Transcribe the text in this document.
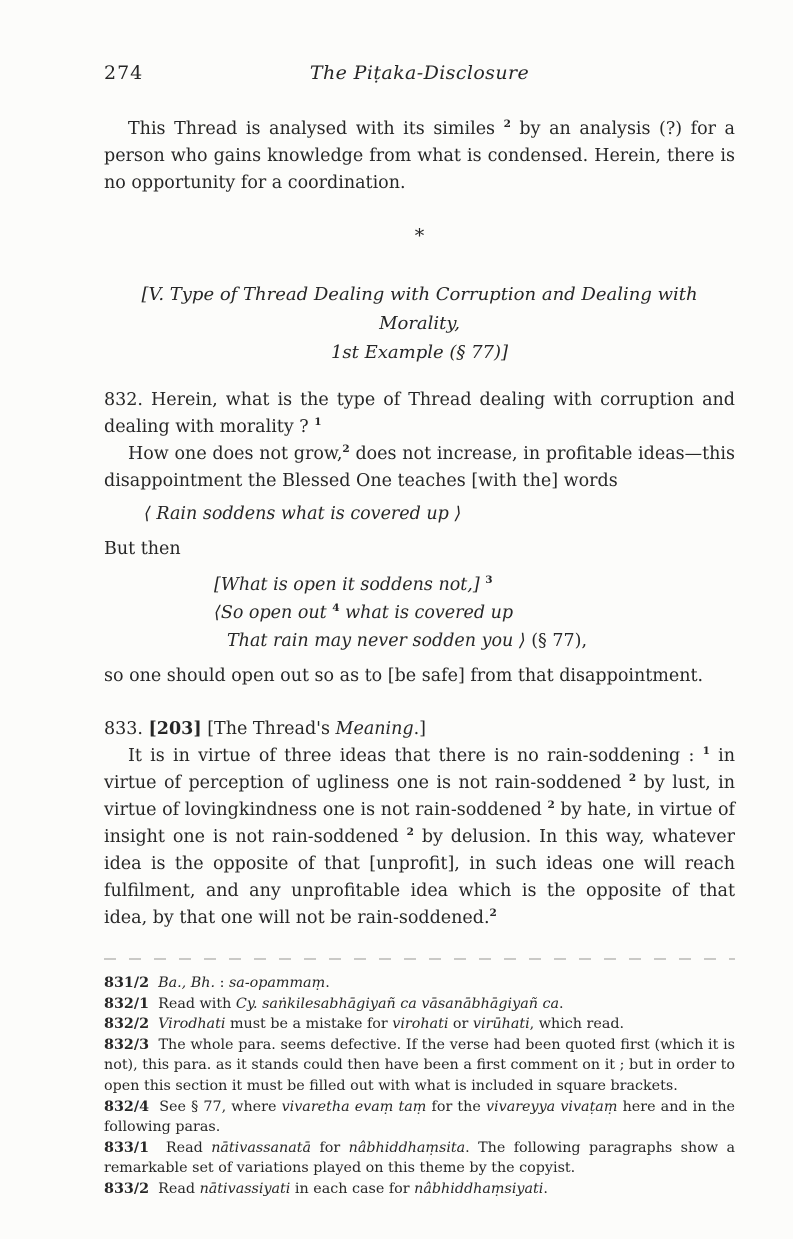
274	The Piṭaka-Disclosure

This Thread is analysed with its similes $^2$ by an analysis (?) for a person who gains knowledge from what is condensed. Herein, there is no opportunity for a coordination.

*
[V. Type of Thread Dealing with Corruption and Dealing with Morality,
1st Example (§ 77)]

832. Herein, what is the type of Thread dealing with corruption and dealing with morality ? $^1$

How one does not grow,$^2$ does not increase, in profitable ideas—this disappointment the Blessed One teaches [with the] words

⟨ Rain soddens what is covered up ⟩

But then

[What is open it soddens not,] $^3$
⟨So open out $^4$ what is covered up
That rain may never sodden you ⟩ (§ 77),

so one should open out so as to [be safe] from that disappointment.

833. [203] [The Thread's Meaning.]

It is in virtue of three ideas that there is no rain-soddening : $^1$ in virtue of perception of ugliness one is not rain-soddened $^2$ by lust, in virtue of lovingkindness one is not rain-soddened $^2$ by hate, in virtue of insight one is not rain-soddened $^2$ by delusion. In this way, whatever idea is the opposite of that [unprofit], in such ideas one will reach fulfilment, and any unprofitable idea which is the opposite of that idea, by that one will not be rain-soddened.$^2$

831/2 Ba., Bh. : sa-opammaṃ.

832/1 Read with Cy. saṅkilesabhāgiyañ ca vāsanābhāgiyañ ca.

832/2 Virodhati must be a mistake for virohati or virūhati, which read.

832/3 The whole para. seems defective. If the verse had been quoted first (which it is not), this para. as it stands could then have been a first comment on it ; but in order to open this section it must be filled out with what is included in square brackets.

832/4 See § 77, where vivaretha evaṃ taṃ for the vivareyya vivaṭaṃ here and in the following paras.

833/1 Read nātivassanatā for nâbhiddhaṃsita. The following paragraphs show a remarkable set of variations played on this theme by the copyist.

833/2 Read nātivassiyati in each case for nâbhiddhaṃsiyati.
